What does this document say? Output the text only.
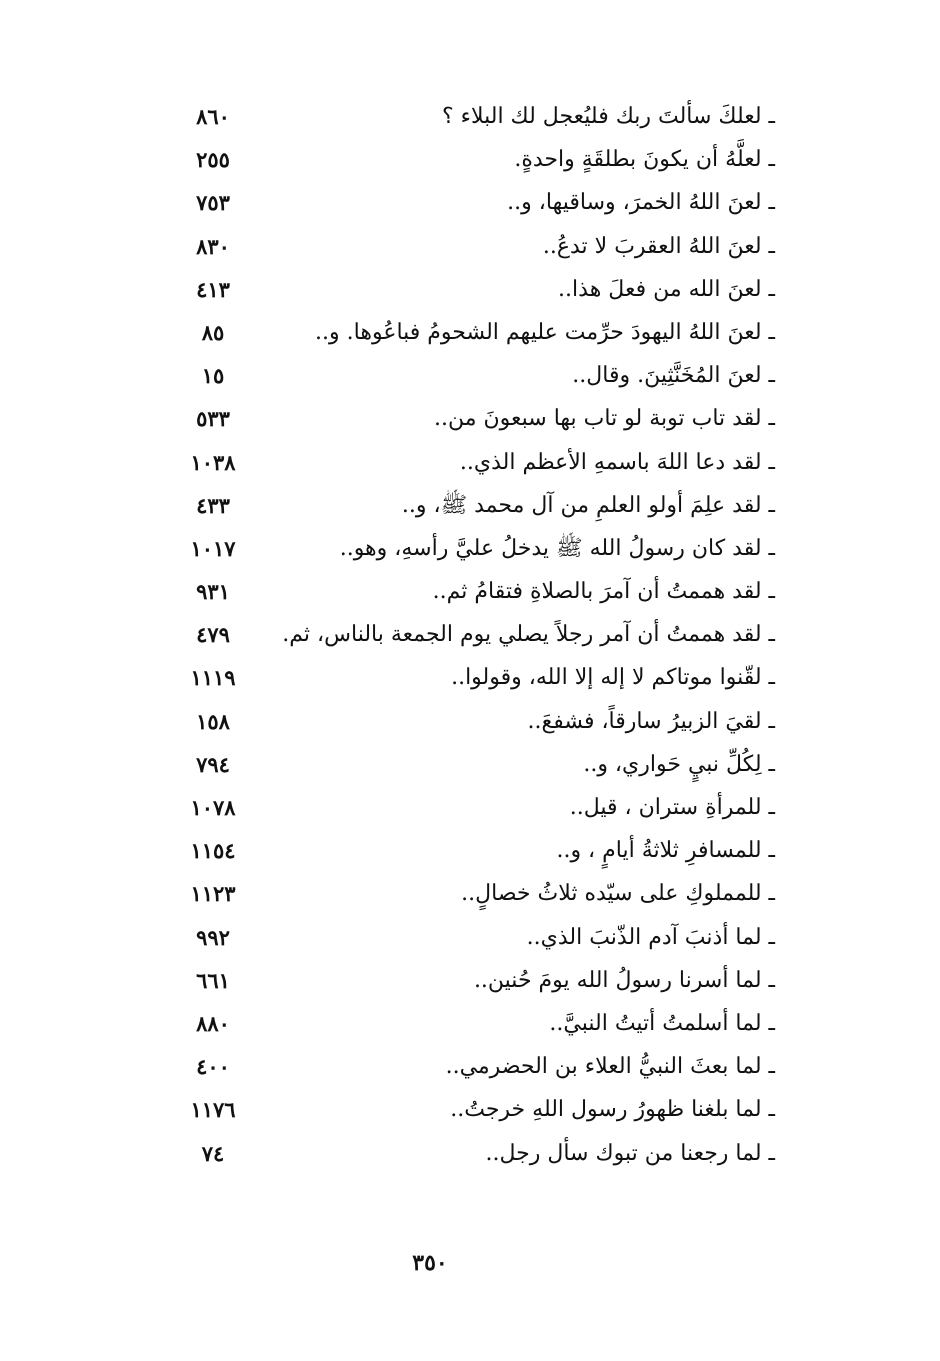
ـ لعلكَ سألتَ ربك فليُعجل لك البلاء ؟
٨٦٠
ـ لعلَّهُ أن يكونَ بطلقَةٍ واحدةٍ.
٢٥٥
ـ لعنَ اللهُ الخمرَ، وساقيها، و..
٧٥٣
ـ لعنَ اللهُ العقربَ لا تدعُ..
٨٣٠
ـ لعنَ الله من فعلَ هذا..
٤١٣
ـ لعنَ اللهُ اليهودَ حرِّمت عليهم الشحومُ فباعُوها. و..
٨٥
ـ لعنَ المُخَنَّثِينَ. وقال..
١٥
ـ لقد تاب توبة لو تاب بها سبعونَ من..
٥٣٣
ـ لقد دعا اللهَ باسمهِ الأعظم الذي..
١٠٣٨
ـ لقد علِمَ أولو العلمِ من آل محمد ﷺ، و..
٤٣٣
ـ لقد كان رسولُ الله ﷺ يدخلُ عليَّ رأسهِ، وهو..
١٠١٧
ـ لقد هممتُ أن آمرَ بالصلاةِ فتقامُ ثم..
٩٣١
ـ لقد هممتُ أن آمر رجلاً يصلي يوم الجمعة بالناس، ثم.
٤٧٩
ـ لقّنوا موتاكم لا إله إلا الله، وقولوا..
١١١٩
ـ لقيَ الزبيرُ سارقاً، فشفعَ..
١٥٨
ـ لِكُلِّ نبيٍ حَواري، و..
٧٩٤
ـ للمرأةِ ستران ، قيل..
١٠٧٨
ـ للمسافرِ ثلاثةُ أيامٍ ، و..
١١٥٤
ـ للمملوكِ على سيّده ثلاثُ خصالٍ..
١١٢٣
ـ لما أذنبَ آدم الذّنبَ الذي..
٩٩٢
ـ لما أسرنا رسولُ الله يومَ حُنين..
٦٦١
ـ لما أسلمتُ أتيتُ النبيَّ..
٨٨٠
ـ لما بعثَ النبيُّ العلاء بن الحضرمي..
٤٠٠
ـ لما بلغنا ظهورُ رسول اللهِ خرجتُ..
١١٧٦
ـ لما رجعنا من تبوك سأل رجل..
٧٤
٣٥٠
